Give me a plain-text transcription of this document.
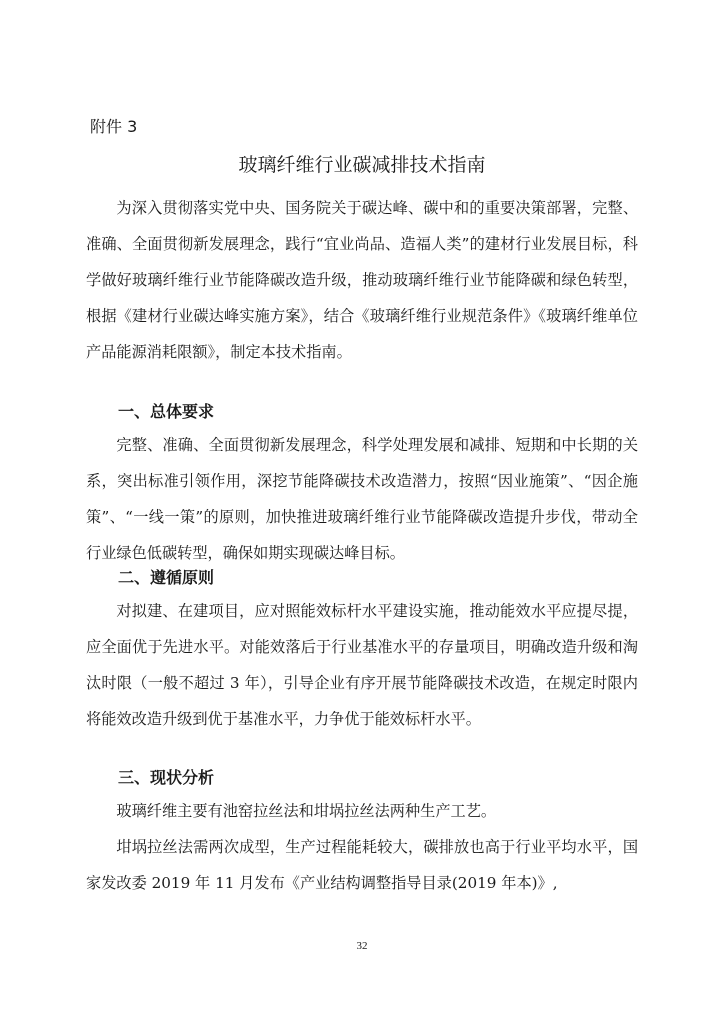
附件 3
玻璃纤维行业碳减排技术指南

为深入贯彻落实党中央、国务院关于碳达峰、碳中和的重要决策部署，完整、准确、全面贯彻新发展理念，践行“宜业尚品、造福人类”的建材行业发展目标，科学做好玻璃纤维行业节能降碳改造升级，推动玻璃纤维行业节能降碳和绿色转型，根据《建材行业碳达峰实施方案》，结合《玻璃纤维行业规范条件》《玻璃纤维单位产品能源消耗限额》，制定本技术指南。

一、总体要求

完整、准确、全面贯彻新发展理念，科学处理发展和减排、短期和中长期的关系，突出标准引领作用，深挖节能降碳技术改造潜力，按照“因业施策”、“因企施策”、“一线一策”的原则，加快推进玻璃纤维行业节能降碳改造提升步伐，带动全行业绿色低碳转型，确保如期实现碳达峰目标。

二、遵循原则

对拟建、在建项目，应对照能效标杆水平建设实施，推动能效水平应提尽提，应全面优于先进水平。对能效落后于行业基准水平的存量项目，明确改造升级和淘汰时限（一般不超过 3 年），引导企业有序开展节能降碳技术改造，在规定时限内将能效改造升级到优于基准水平，力争优于能效标杆水平。

三、现状分析

玻璃纤维主要有池窑拉丝法和坩埚拉丝法两种生产工艺。

坩埚拉丝法需两次成型，生产过程能耗较大，碳排放也高于行业平均水平，国家发改委 2019 年 11 月发布《产业结构调整指导目录(2019 年本)》,

32
